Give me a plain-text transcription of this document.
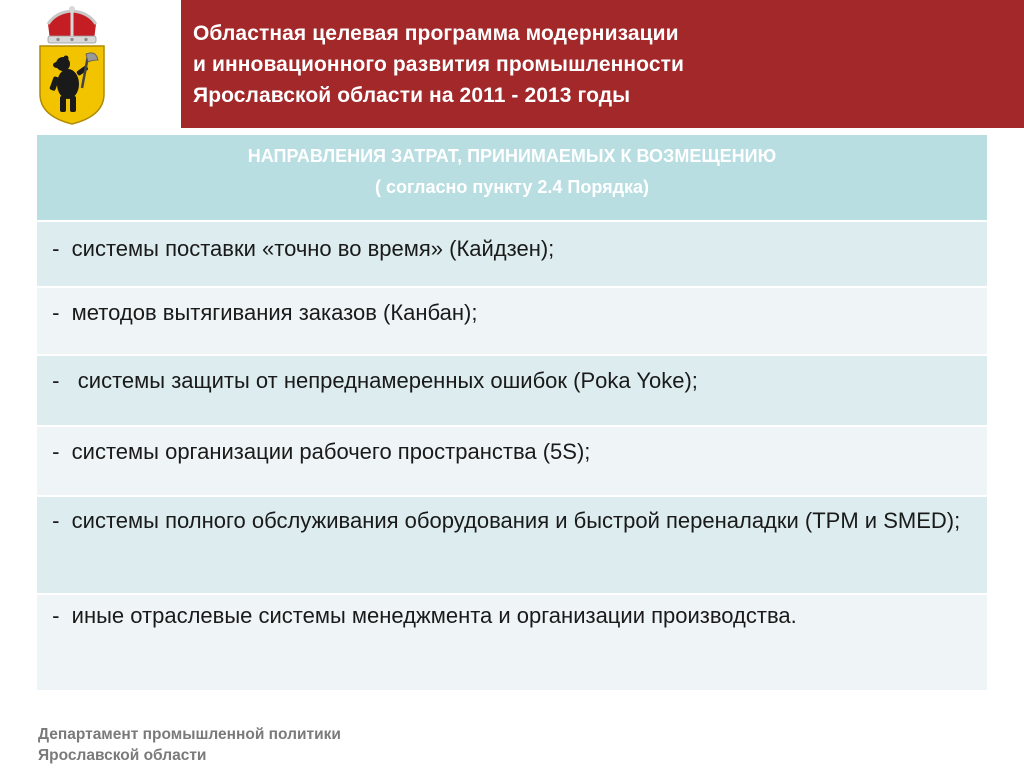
Областная целевая программа модернизации
и инновационного развития промышленности
Ярославской области на 2011 - 2013 годы
НАПРАВЛЕНИЯ ЗАТРАТ, ПРИНИМАЕМЫХ К ВОЗМЕЩЕНИЮ
( согласно пункту 2.4 Порядка)
-  системы поставки «точно во время» (Кайдзен);
-  методов вытягивания заказов (Канбан);
-   системы защиты от непреднамеренных ошибок (Poka Yoke);
-  системы организации рабочего пространства (5S);
-  системы полного обслуживания оборудования и быстрой переналадки (TPM и SMED);
-  иные отраслевые системы менеджмента и организации производства.
Департамент промышленной политики
Ярославской области
